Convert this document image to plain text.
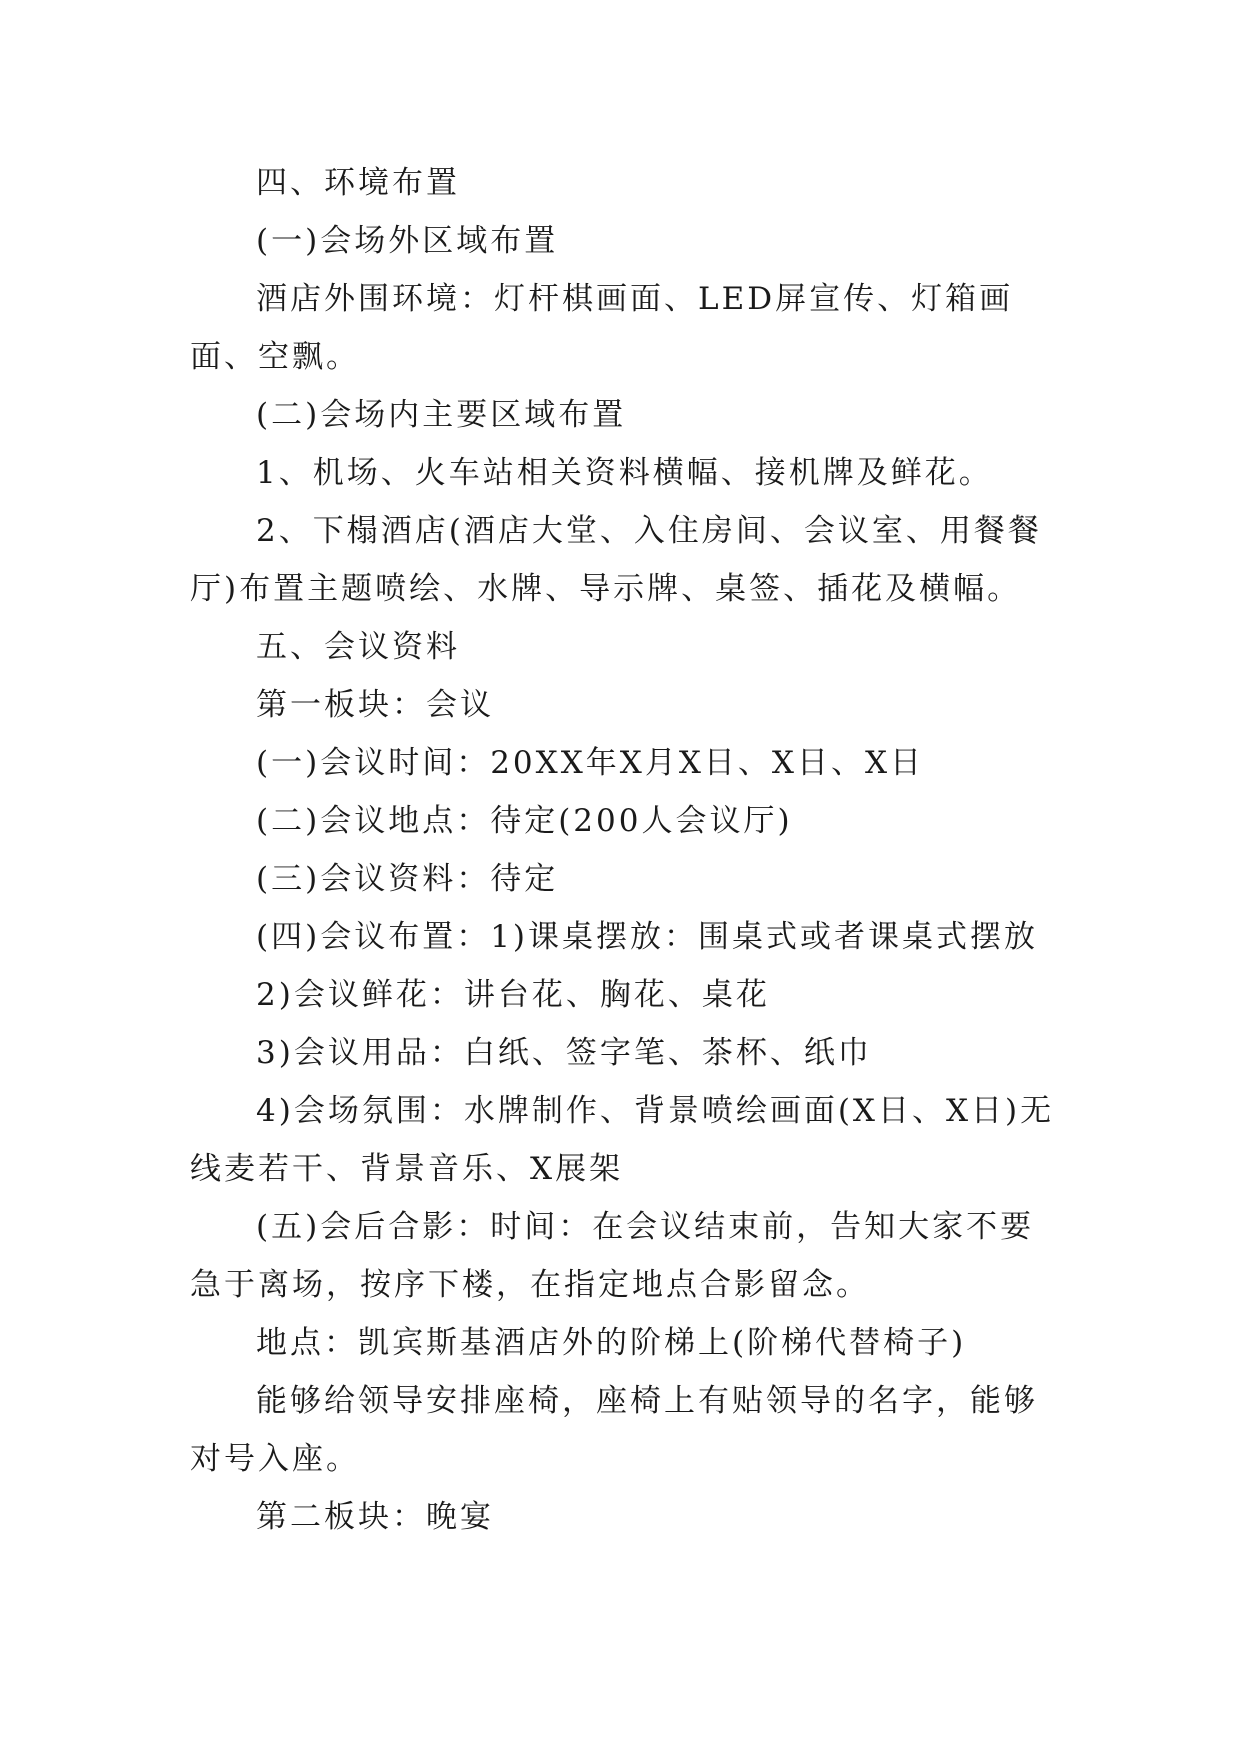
四、环境布置

(一)会场外区域布置

酒店外围环境：灯杆棋画面、LED屏宣传、灯箱画面、空飘。

(二)会场内主要区域布置

1、机场、火车站相关资料横幅、接机牌及鲜花。

2、下榻酒店(酒店大堂、入住房间、会议室、用餐餐厅)布置主题喷绘、水牌、导示牌、桌签、插花及横幅。

五、会议资料

第一板块：会议

(一)会议时间：20XX年X月X日、X日、X日

(二)会议地点：待定(200人会议厅)

(三)会议资料：待定

(四)会议布置：1)课桌摆放：围桌式或者课桌式摆放

2)会议鲜花：讲台花、胸花、桌花

3)会议用品：白纸、签字笔、茶杯、纸巾

4)会场氛围：水牌制作、背景喷绘画面(X日、X日)无线麦若干、背景音乐、X展架

(五)会后合影：时间：在会议结束前，告知大家不要急于离场，按序下楼，在指定地点合影留念。

地点：凯宾斯基酒店外的阶梯上(阶梯代替椅子)

能够给领导安排座椅，座椅上有贴领导的名字，能够对号入座。

第二板块：晚宴
